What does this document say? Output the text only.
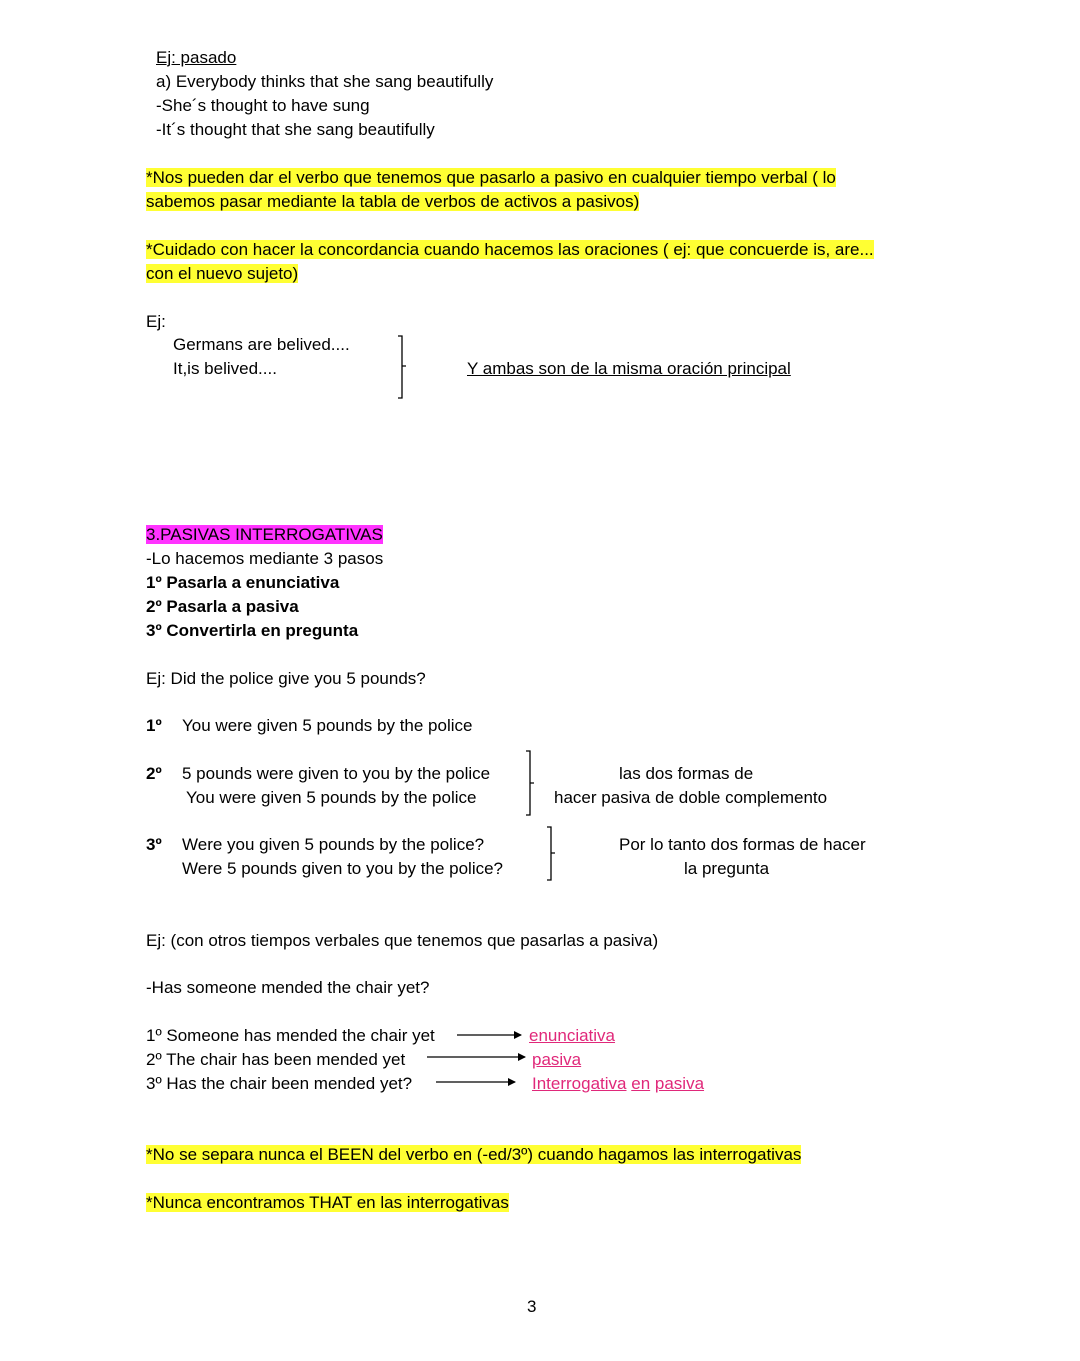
Ej: pasado
a) Everybody thinks that she sang beautifully
-She´s thought to have sung
-It´s thought that she sang beautifully
*Nos pueden dar el verbo que tenemos que pasarlo a pasivo en cualquier tiempo verbal ( lo
sabemos pasar mediante la tabla de verbos de activos a pasivos)
*Cuidado con hacer la concordancia cuando hacemos las oraciones ( ej: que concuerde is, are...
con el nuevo sujeto)
Ej:
Germans are belived....
It,is belived....	Y ambas son de la misma oración principal
3.PASIVAS INTERROGATIVAS
-Lo hacemos mediante 3 pasos
1º Pasarla a enunciativa
2º Pasarla a pasiva
3º Convertirla en pregunta
Ej: Did the police give you 5 pounds?
1º You were given 5 pounds by the police
2º 5 pounds were given to you by the police
You were given 5 pounds by the police
las dos formas de
hacer pasiva de doble complemento
3º Were you given 5 pounds by the police?
Were 5 pounds given to you by the police?
Por lo tanto dos formas de hacer
la pregunta
Ej: (con otros tiempos verbales que tenemos que pasarlas a pasiva)
-Has someone mended the chair yet?
1º Someone has mended the chair yet
2º The chair has been mended yet
3º Has the chair been mended yet?
enunciativa
pasiva
Interrogativa en pasiva
*No se separa nunca el BEEN del verbo en (-ed/3º) cuando hagamos las interrogativas
*Nunca encontramos THAT en las interrogativas
3
